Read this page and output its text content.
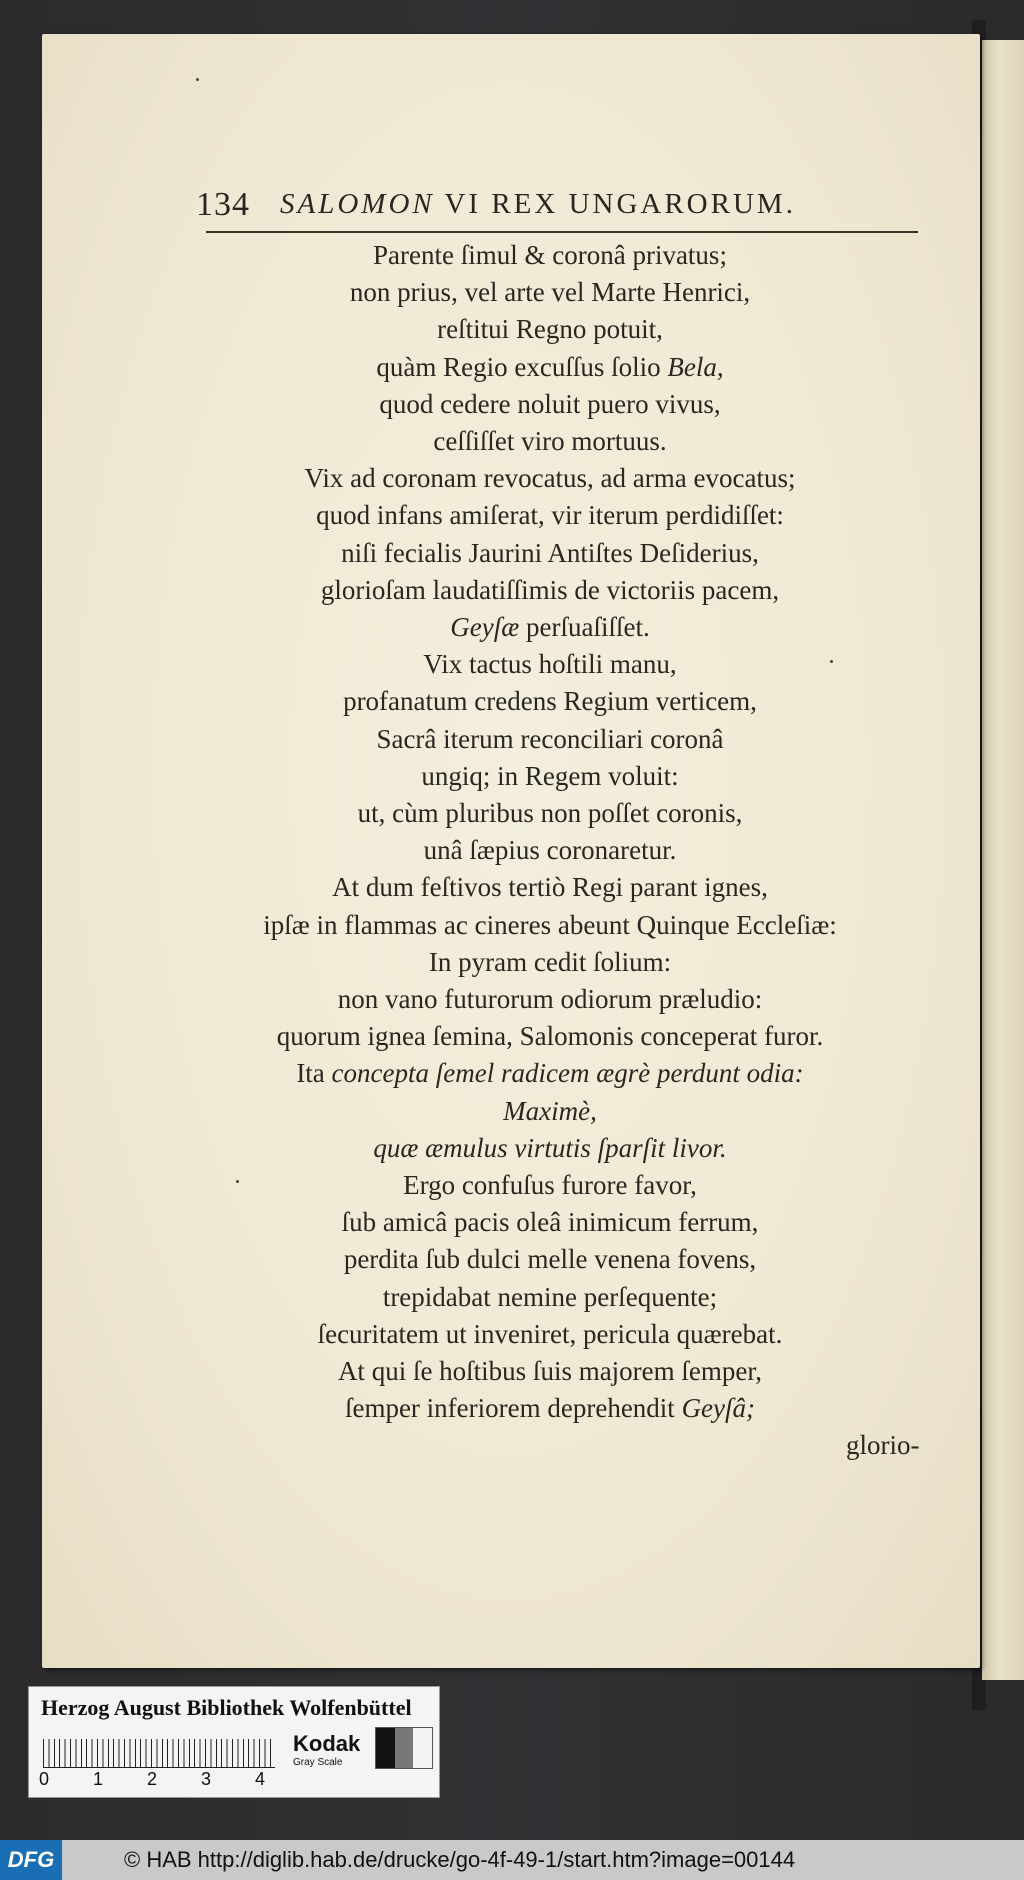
134 SALOMON VI REX UNGARORUM.
Parente ſimul & coronâ privatus;
non prius, vel arte vel Marte Henrici,
reſtitui Regno potuit,
quàm Regio excuſſus ſolio Bela,
quod cedere noluit puero vivus,
ceſſiſſet viro mortuus.
Vix ad coronam revocatus, ad arma evocatus;
quod infans amiſerat, vir iterum perdidiſſet:
niſi fecialis Jaurini Antiſtes Deſiderius,
glorioſam laudatiſſimis de victoriis pacem,
Geyſæ perſuaſiſſet.
Vix tactus hoſtili manu,
profanatum credens Regium verticem,
Sacrâ iterum reconciliari coronâ
ungiq; in Regem voluit:
ut, cùm pluribus non poſſet coronis,
unâ ſæpius coronaretur.
At dum feſtivos tertiò Regi parant ignes,
ipſæ in flammas ac cineres abeunt Quinque Eccleſiæ:
In pyram cedit ſolium:
non vano futurorum odiorum præludio:
quorum ignea ſemina, Salomonis conceperat furor.
Ita concepta ſemel radicem ægrè perdunt odia:
Maximè,
quæ æmulus virtutis ſparſit livor.
Ergo confuſus furore favor,
ſub amicâ pacis oleâ inimicum ferrum,
perdita ſub dulci melle venena fovens,
trepidabat nemine perſequente;
ſecuritatem ut inveniret, pericula quærebat.
At qui ſe hoſtibus ſuis majorem ſemper,
ſemper inferiorem deprehendit Geyſâ;
glorio-
Herzog August Bibliothek Wolfenbüttel
0 1 2 3 4
Kodak
Gray Scale
DFG	© HAB http://diglib.hab.de/drucke/go-4f-49-1/start.htm?image=00144
